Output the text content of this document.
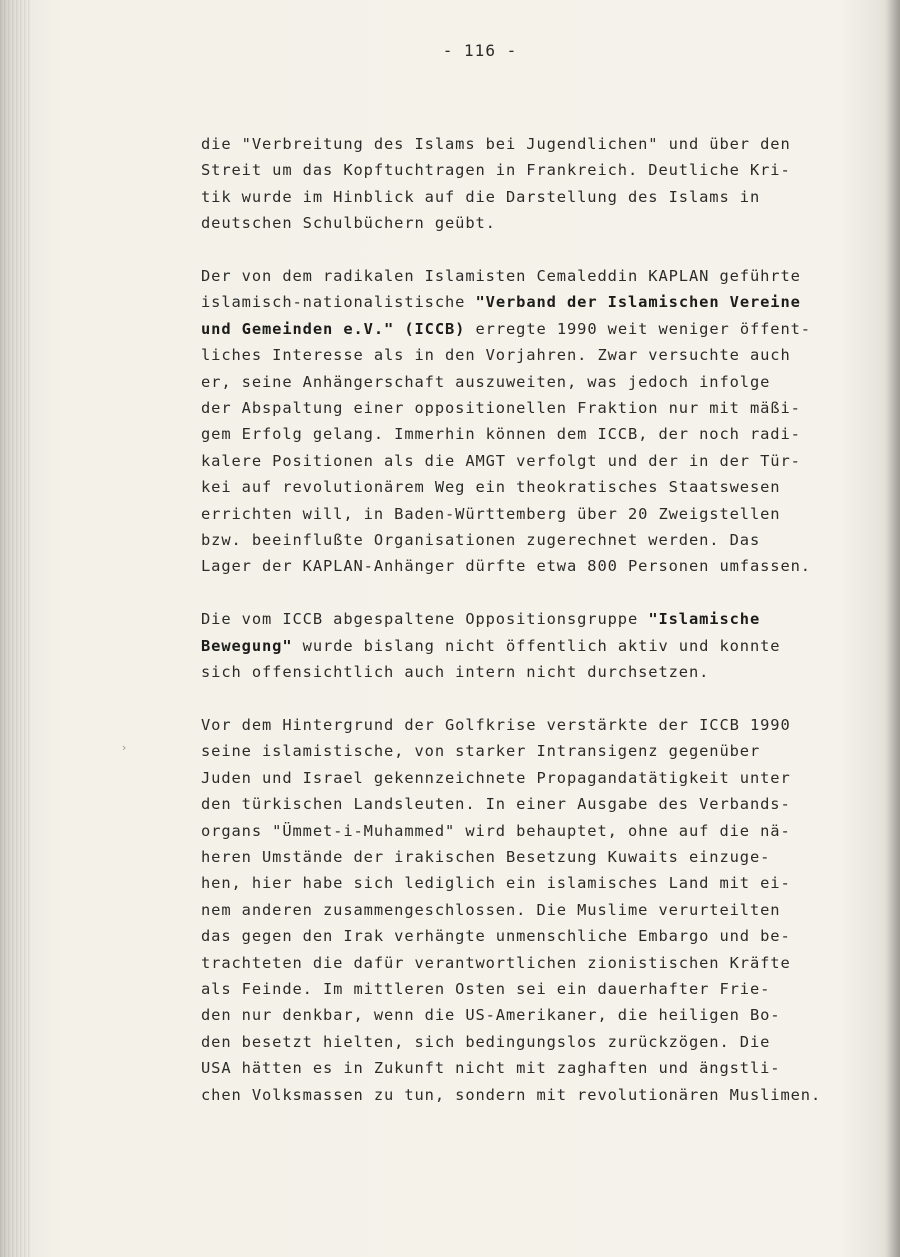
- 116 -
›
die "Verbreitung des Islams bei Jugendlichen" und über den
Streit um das Kopftuchtragen in Frankreich. Deutliche Kri-
tik wurde im Hinblick auf die Darstellung des Islams in
deutschen Schulbüchern geübt.
Der von dem radikalen Islamisten Cemaleddin KAPLAN geführte
islamisch-nationalistische "Verband der Islamischen Vereine
und Gemeinden e.V." (ICCB) erregte 1990 weit weniger öffent-
liches Interesse als in den Vorjahren. Zwar versuchte auch
er, seine Anhängerschaft auszuweiten, was jedoch infolge
der Abspaltung einer oppositionellen Fraktion nur mit mäßi-
gem Erfolg gelang. Immerhin können dem ICCB, der noch radi-
kalere Positionen als die AMGT verfolgt und der in der Tür-
kei auf revolutionärem Weg ein theokratisches Staatswesen
errichten will, in Baden-Württemberg über 20 Zweigstellen
bzw. beeinflußte Organisationen zugerechnet werden. Das
Lager der KAPLAN-Anhänger dürfte etwa 800 Personen umfassen.
Die vom ICCB abgespaltene Oppositionsgruppe "Islamische
Bewegung" wurde bislang nicht öffentlich aktiv und konnte
sich offensichtlich auch intern nicht durchsetzen.
Vor dem Hintergrund der Golfkrise verstärkte der ICCB 1990
seine islamistische, von starker Intransigenz gegenüber
Juden und Israel gekennzeichnete Propagandatätigkeit unter
den türkischen Landsleuten. In einer Ausgabe des Verbands-
organs "Ümmet-i-Muhammed" wird behauptet, ohne auf die nä-
heren Umstände der irakischen Besetzung Kuwaits einzuge-
hen, hier habe sich lediglich ein islamisches Land mit ei-
nem anderen zusammengeschlossen. Die Muslime verurteilten
das gegen den Irak verhängte unmenschliche Embargo und be-
trachteten die dafür verantwortlichen zionistischen Kräfte
als Feinde. Im mittleren Osten sei ein dauerhafter Frie-
den nur denkbar, wenn die US-Amerikaner, die heiligen Bo-
den besetzt hielten, sich bedingungslos zurückzögen. Die
USA hätten es in Zukunft nicht mit zaghaften und ängstli-
chen Volksmassen zu tun, sondern mit revolutionären Muslimen.
